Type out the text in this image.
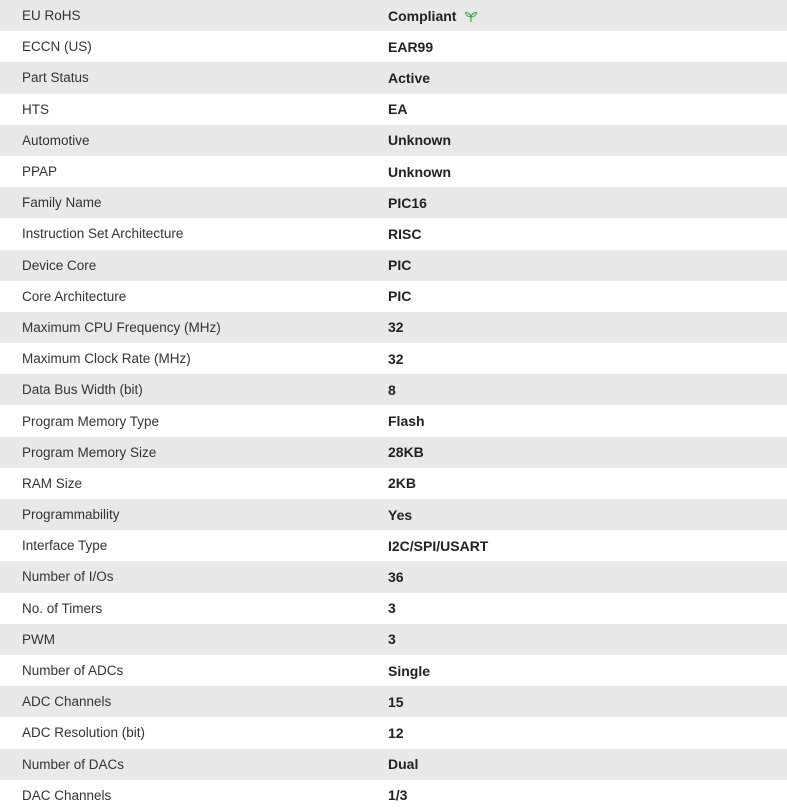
EU RoHS	Compliant
ECCN (US)	EAR99
Part Status	Active
HTS	EA
Automotive	Unknown
PPAP	Unknown
Family Name	PIC16
Instruction Set Architecture	RISC
Device Core	PIC
Core Architecture	PIC
Maximum CPU Frequency (MHz)	32
Maximum Clock Rate (MHz)	32
Data Bus Width (bit)	8
Program Memory Type	Flash
Program Memory Size	28KB
RAM Size	2KB
Programmability	Yes
Interface Type	I2C/SPI/USART
Number of I/Os	36
No. of Timers	3
PWM	3
Number of ADCs	Single
ADC Channels	15
ADC Resolution (bit)	12
Number of DACs	Dual
DAC Channels	1/3
